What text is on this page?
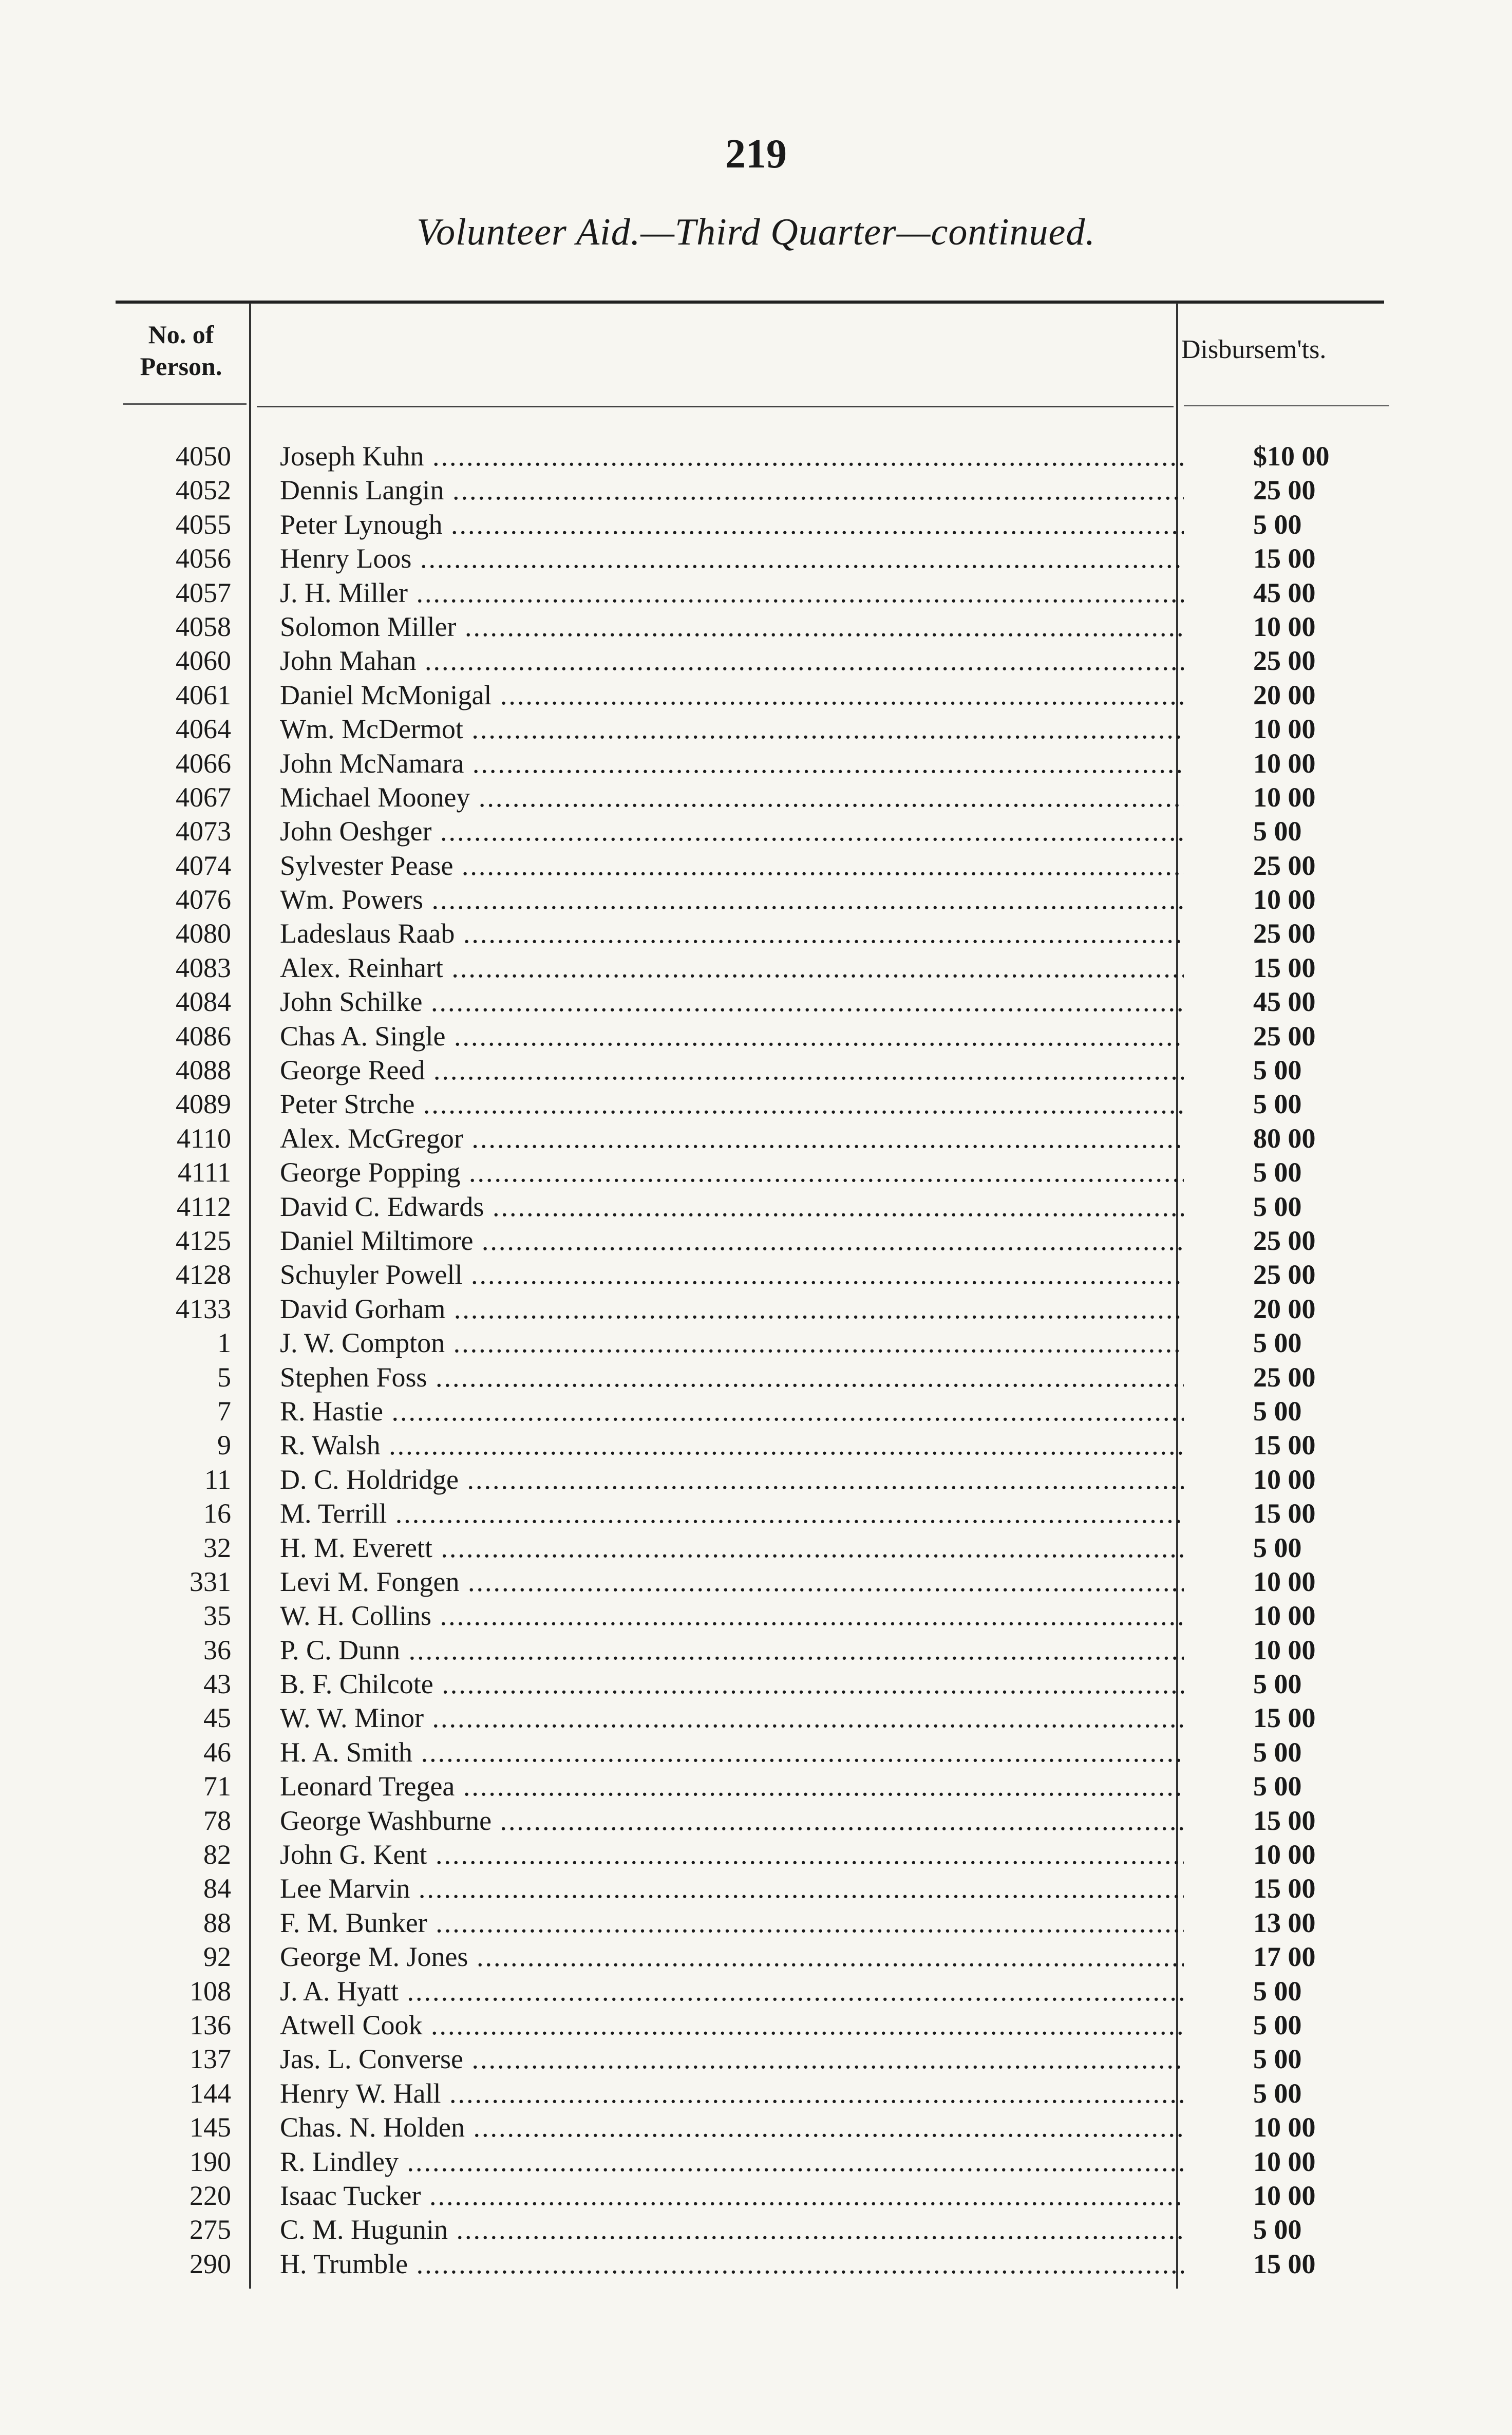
219
Volunteer Aid.—Third Quarter—continued.
No. of
Person.
Disbursem'ts.
4050 Joseph Kuhn .....	$10 00
4052 Dennis Langin .....	25 00
4055 Peter Lynough .....	5 00
4056 Henry Loos .....	15 00
4057 J. H. Miller .....	45 00
4058 Solomon Miller .....	10 00
4060 John Mahan .....	25 00
4061 Daniel McMonigal .....	20 00
4064 Wm. McDermot .....	10 00
4066 John McNamara .....	10 00
4067 Michael Mooney .....	10 00
4073 John Oeshger .....	5 00
4074 Sylvester Pease .....	25 00
4076 Wm. Powers .....	10 00
4080 Ladeslaus Raab .....	25 00
4083 Alex. Reinhart .....	15 00
4084 John Schilke .....	45 00
4086 Chas A. Single .....	25 00
4088 George Reed .....	5 00
4089 Peter Strche .....	5 00
4110 Alex. McGregor .....	80 00
4111 George Popping .....	5 00
4112 David C. Edwards .....	5 00
4125 Daniel Miltimore .....	25 00
4128 Schuyler Powell .....	25 00
4133 David Gorham .....	20 00
1 J. W. Compton .....	5 00
5 Stephen Foss .....	25 00
7 R. Hastie .....	5 00
9 R. Walsh .....	15 00
11 D. C. Holdridge .....	10 00
16 M. Terrill .....	15 00
32 H. M. Everett .....	5 00
331 Levi M. Fongen .....	10 00
35 W. H. Collins .....	10 00
36 P. C. Dunn .....	10 00
43 B. F. Chilcote .....	5 00
45 W. W. Minor .....	15 00
46 H. A. Smith .....	5 00
71 Leonard Tregea .....	5 00
78 George Washburne .....	15 00
82 John G. Kent .....	10 00
84 Lee Marvin .....	15 00
88 F. M. Bunker .....	13 00
92 George M. Jones .....	17 00
108 J. A. Hyatt .....	5 00
136 Atwell Cook .....	5 00
137 Jas. L. Converse .....	5 00
144 Henry W. Hall .....	5 00
145 Chas. N. Holden .....	10 00
190 R. Lindley .....	10 00
220 Isaac Tucker .....	10 00
275 C. M. Hugunin .....	5 00
290 H. Trumble .....	15 00
